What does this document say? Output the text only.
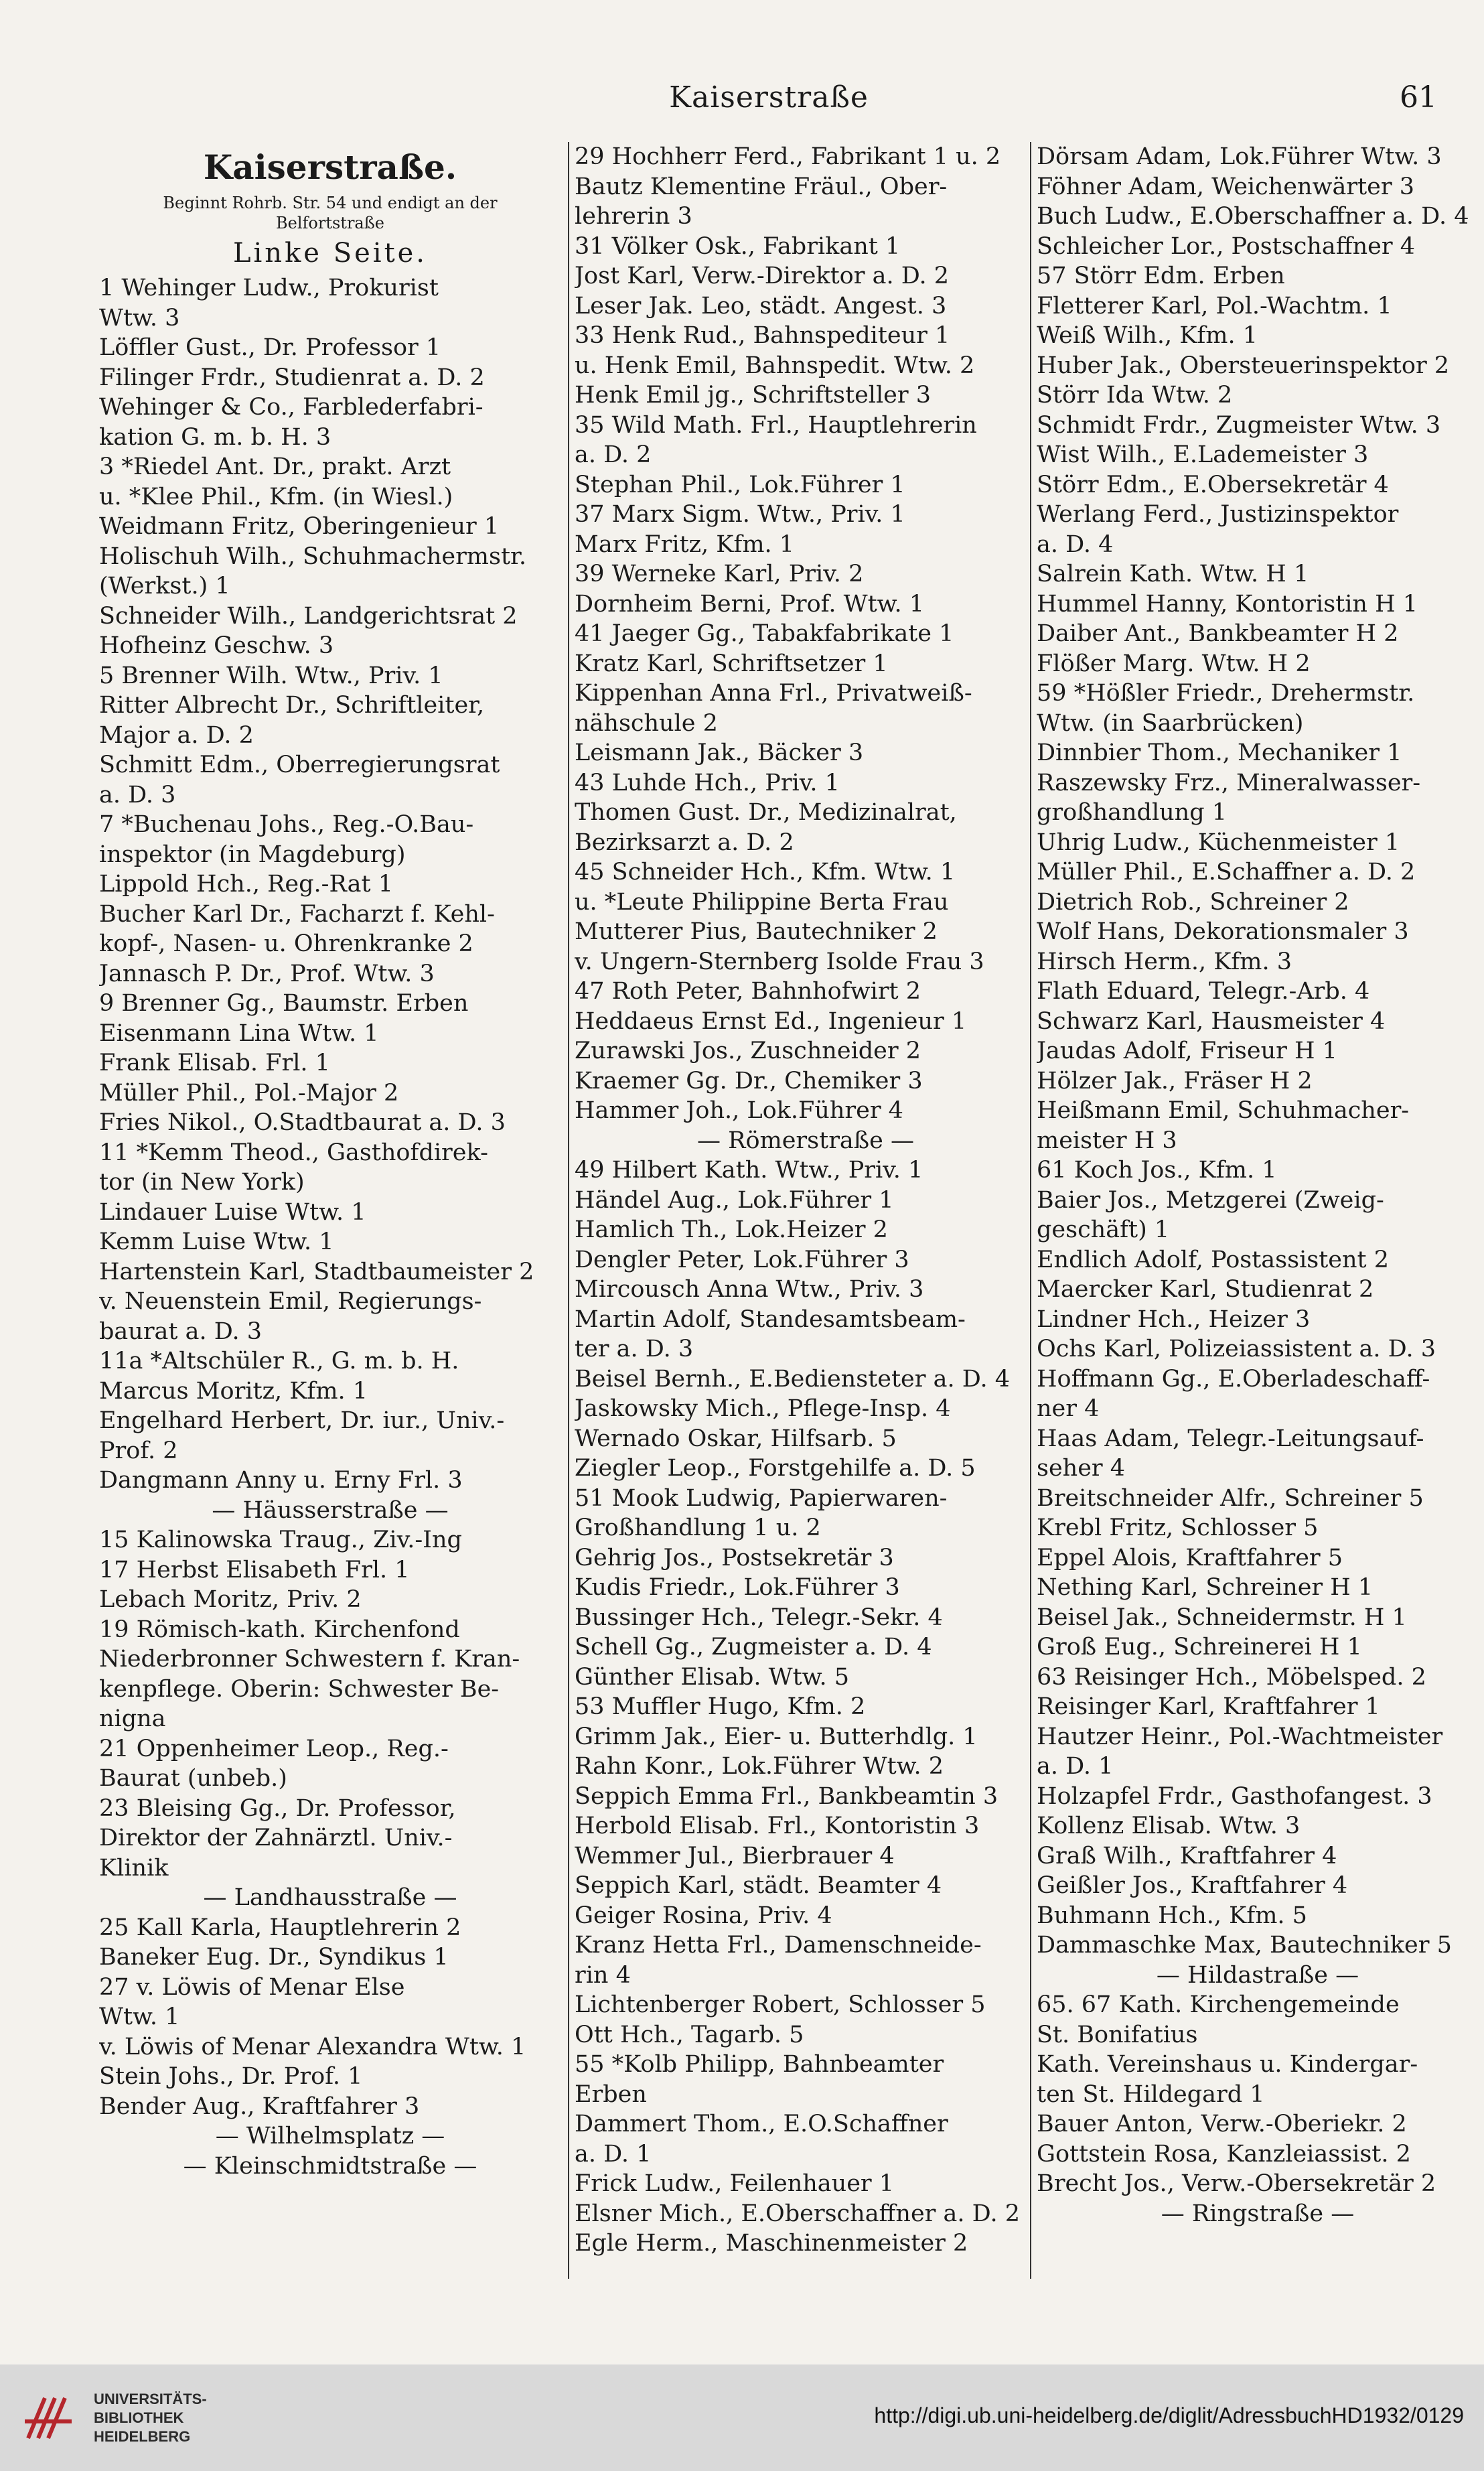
Kaiserstraße	61
Kaiserstraße.
Beginnt Rohrb. Str. 54 und endigt an der
Belfortstraße
Linke Seite.
1 Wehinger Ludw., Prokurist
Wtw. 3
Löffler Gust., Dr. Professor 1
Filinger Frdr., Studienrat a. D. 2
Wehinger & Co., Farblederfabri-
kation G. m. b. H. 3
3 *Riedel Ant. Dr., prakt. Arzt
u. *Klee Phil., Kfm. (in Wiesl.)
Weidmann Fritz, Oberingenieur 1
Holischuh Wilh., Schuhmachermstr.
(Werkst.) 1
Schneider Wilh., Landgerichtsrat 2
Hofheinz Geschw. 3
5 Brenner Wilh. Wtw., Priv. 1
Ritter Albrecht Dr., Schriftleiter,
Major a. D. 2
Schmitt Edm., Oberregierungsrat
a. D. 3
7 *Buchenau Johs., Reg.-O.Bau-
inspektor (in Magdeburg)
Lippold Hch., Reg.-Rat 1
Bucher Karl Dr., Facharzt f. Kehl-
kopf-, Nasen- u. Ohrenkranke 2
Jannasch P. Dr., Prof. Wtw. 3
9 Brenner Gg., Baumstr. Erben
Eisenmann Lina Wtw. 1
Frank Elisab. Frl. 1
Müller Phil., Pol.-Major 2
Fries Nikol., O.Stadtbaurat a. D. 3
11 *Kemm Theod., Gasthofdirek-
tor (in New York)
Lindauer Luise Wtw. 1
Kemm Luise Wtw. 1
Hartenstein Karl, Stadtbaumeister 2
v. Neuenstein Emil, Regierungs-
baurat a. D. 3
11a *Altschüler R., G. m. b. H.
Marcus Moritz, Kfm. 1
Engelhard Herbert, Dr. iur., Univ.-
Prof. 2
Dangmann Anny u. Erny Frl. 3
— Häusserstraße —
15 Kalinowska Traug., Ziv.-Ing
17 Herbst Elisabeth Frl. 1
Lebach Moritz, Priv. 2
19 Römisch-kath. Kirchenfond
Niederbronner Schwestern f. Kran-
kenpflege. Oberin: Schwester Be-
nigna
21 Oppenheimer Leop., Reg.-
Baurat (unbeb.)
23 Bleising Gg., Dr. Professor,
Direktor der Zahnärztl. Univ.-
Klinik
— Landhausstraße —
25 Kall Karla, Hauptlehrerin 2
Baneker Eug. Dr., Syndikus 1
27 v. Löwis of Menar Else
Wtw. 1
v. Löwis of Menar Alexandra Wtw. 1
Stein Johs., Dr. Prof. 1
Bender Aug., Kraftfahrer 3
— Wilhelmsplatz —
— Kleinschmidtstraße —
29 Hochherr Ferd., Fabrikant 1 u. 2
Bautz Klementine Fräul., Ober-
lehrerin 3
31 Völker Osk., Fabrikant 1
Jost Karl, Verw.-Direktor a. D. 2
Leser Jak. Leo, städt. Angest. 3
33 Henk Rud., Bahnspediteur 1
u. Henk Emil, Bahnspedit. Wtw. 2
Henk Emil jg., Schriftsteller 3
35 Wild Math. Frl., Hauptlehrerin
a. D. 2
Stephan Phil., Lok.Führer 1
37 Marx Sigm. Wtw., Priv. 1
Marx Fritz, Kfm. 1
39 Werneke Karl, Priv. 2
Dornheim Berni, Prof. Wtw. 1
41 Jaeger Gg., Tabakfabrikate 1
Kratz Karl, Schriftsetzer 1
Kippenhan Anna Frl., Privatweiß-
nähschule 2
Leismann Jak., Bäcker 3
43 Luhde Hch., Priv. 1
Thomen Gust. Dr., Medizinalrat,
Bezirksarzt a. D. 2
45 Schneider Hch., Kfm. Wtw. 1
u. *Leute Philippine Berta Frau
Mutterer Pius, Bautechniker 2
v. Ungern-Sternberg Isolde Frau 3
47 Roth Peter, Bahnhofwirt 2
Heddaeus Ernst Ed., Ingenieur 1
Zurawski Jos., Zuschneider 2
Kraemer Gg. Dr., Chemiker 3
Hammer Joh., Lok.Führer 4
— Römerstraße —
49 Hilbert Kath. Wtw., Priv. 1
Händel Aug., Lok.Führer 1
Hamlich Th., Lok.Heizer 2
Dengler Peter, Lok.Führer 3
Mircousch Anna Wtw., Priv. 3
Martin Adolf, Standesamtsbeam-
ter a. D. 3
Beisel Bernh., E.Bediensteter a. D. 4
Jaskowsky Mich., Pflege-Insp. 4
Wernado Oskar, Hilfsarb. 5
Ziegler Leop., Forstgehilfe a. D. 5
51 Mook Ludwig, Papierwaren-
Großhandlung 1 u. 2
Gehrig Jos., Postsekretär 3
Kudis Friedr., Lok.Führer 3
Bussinger Hch., Telegr.-Sekr. 4
Schell Gg., Zugmeister a. D. 4
Günther Elisab. Wtw. 5
53 Muffler Hugo, Kfm. 2
Grimm Jak., Eier- u. Butterhdlg. 1
Rahn Konr., Lok.Führer Wtw. 2
Seppich Emma Frl., Bankbeamtin 3
Herbold Elisab. Frl., Kontoristin 3
Wemmer Jul., Bierbrauer 4
Seppich Karl, städt. Beamter 4
Geiger Rosina, Priv. 4
Kranz Hetta Frl., Damenschneide-
rin 4
Lichtenberger Robert, Schlosser 5
Ott Hch., Tagarb. 5
55 *Kolb Philipp, Bahnbeamter
Erben
Dammert Thom., E.O.Schaffner
a. D. 1
Frick Ludw., Feilenhauer 1
Elsner Mich., E.Oberschaffner a. D. 2
Egle Herm., Maschinenmeister 2
Dörsam Adam, Lok.Führer Wtw. 3
Föhner Adam, Weichenwärter 3
Buch Ludw., E.Oberschaffner a. D. 4
Schleicher Lor., Postschaffner 4
57 Störr Edm. Erben
Fletterer Karl, Pol.-Wachtm. 1
Weiß Wilh., Kfm. 1
Huber Jak., Obersteuerinspektor 2
Störr Ida Wtw. 2
Schmidt Frdr., Zugmeister Wtw. 3
Wist Wilh., E.Lademeister 3
Störr Edm., E.Obersekretär 4
Werlang Ferd., Justizinspektor
a. D. 4
Salrein Kath. Wtw. H 1
Hummel Hanny, Kontoristin H 1
Daiber Ant., Bankbeamter H 2
Flößer Marg. Wtw. H 2
59 *Hößler Friedr., Drehermstr.
Wtw. (in Saarbrücken)
Dinnbier Thom., Mechaniker 1
Raszewsky Frz., Mineralwasser-
großhandlung 1
Uhrig Ludw., Küchenmeister 1
Müller Phil., E.Schaffner a. D. 2
Dietrich Rob., Schreiner 2
Wolf Hans, Dekorationsmaler 3
Hirsch Herm., Kfm. 3
Flath Eduard, Telegr.-Arb. 4
Schwarz Karl, Hausmeister 4
Jaudas Adolf, Friseur H 1
Hölzer Jak., Fräser H 2
Heißmann Emil, Schuhmacher-
meister H 3
61 Koch Jos., Kfm. 1
Baier Jos., Metzgerei (Zweig-
geschäft) 1
Endlich Adolf, Postassistent 2
Maercker Karl, Studienrat 2
Lindner Hch., Heizer 3
Ochs Karl, Polizeiassistent a. D. 3
Hoffmann Gg., E.Oberladeschaff-
ner 4
Haas Adam, Telegr.-Leitungsauf-
seher 4
Breitschneider Alfr., Schreiner 5
Krebl Fritz, Schlosser 5
Eppel Alois, Kraftfahrer 5
Nething Karl, Schreiner H 1
Beisel Jak., Schneidermstr. H 1
Groß Eug., Schreinerei H 1
63 Reisinger Hch., Möbelsped. 2
Reisinger Karl, Kraftfahrer 1
Hautzer Heinr., Pol.-Wachtmeister
a. D. 1
Holzapfel Frdr., Gasthofangest. 3
Kollenz Elisab. Wtw. 3
Graß Wilh., Kraftfahrer 4
Geißler Jos., Kraftfahrer 4
Buhmann Hch., Kfm. 5
Dammaschke Max, Bautechniker 5
— Hildastraße —
65. 67 Kath. Kirchengemeinde
St. Bonifatius
Kath. Vereinshaus u. Kindergar-
ten St. Hildegard 1
Bauer Anton, Verw.-Oberiekr. 2
Gottstein Rosa, Kanzleiassist. 2
Brecht Jos., Verw.-Obersekretär 2
— Ringstraße —
UNIVERSITÄTS-
BIBLIOTHEK
HEIDELBERG
http://digi.ub.uni-heidelberg.de/diglit/AdressbuchHD1932/0129
